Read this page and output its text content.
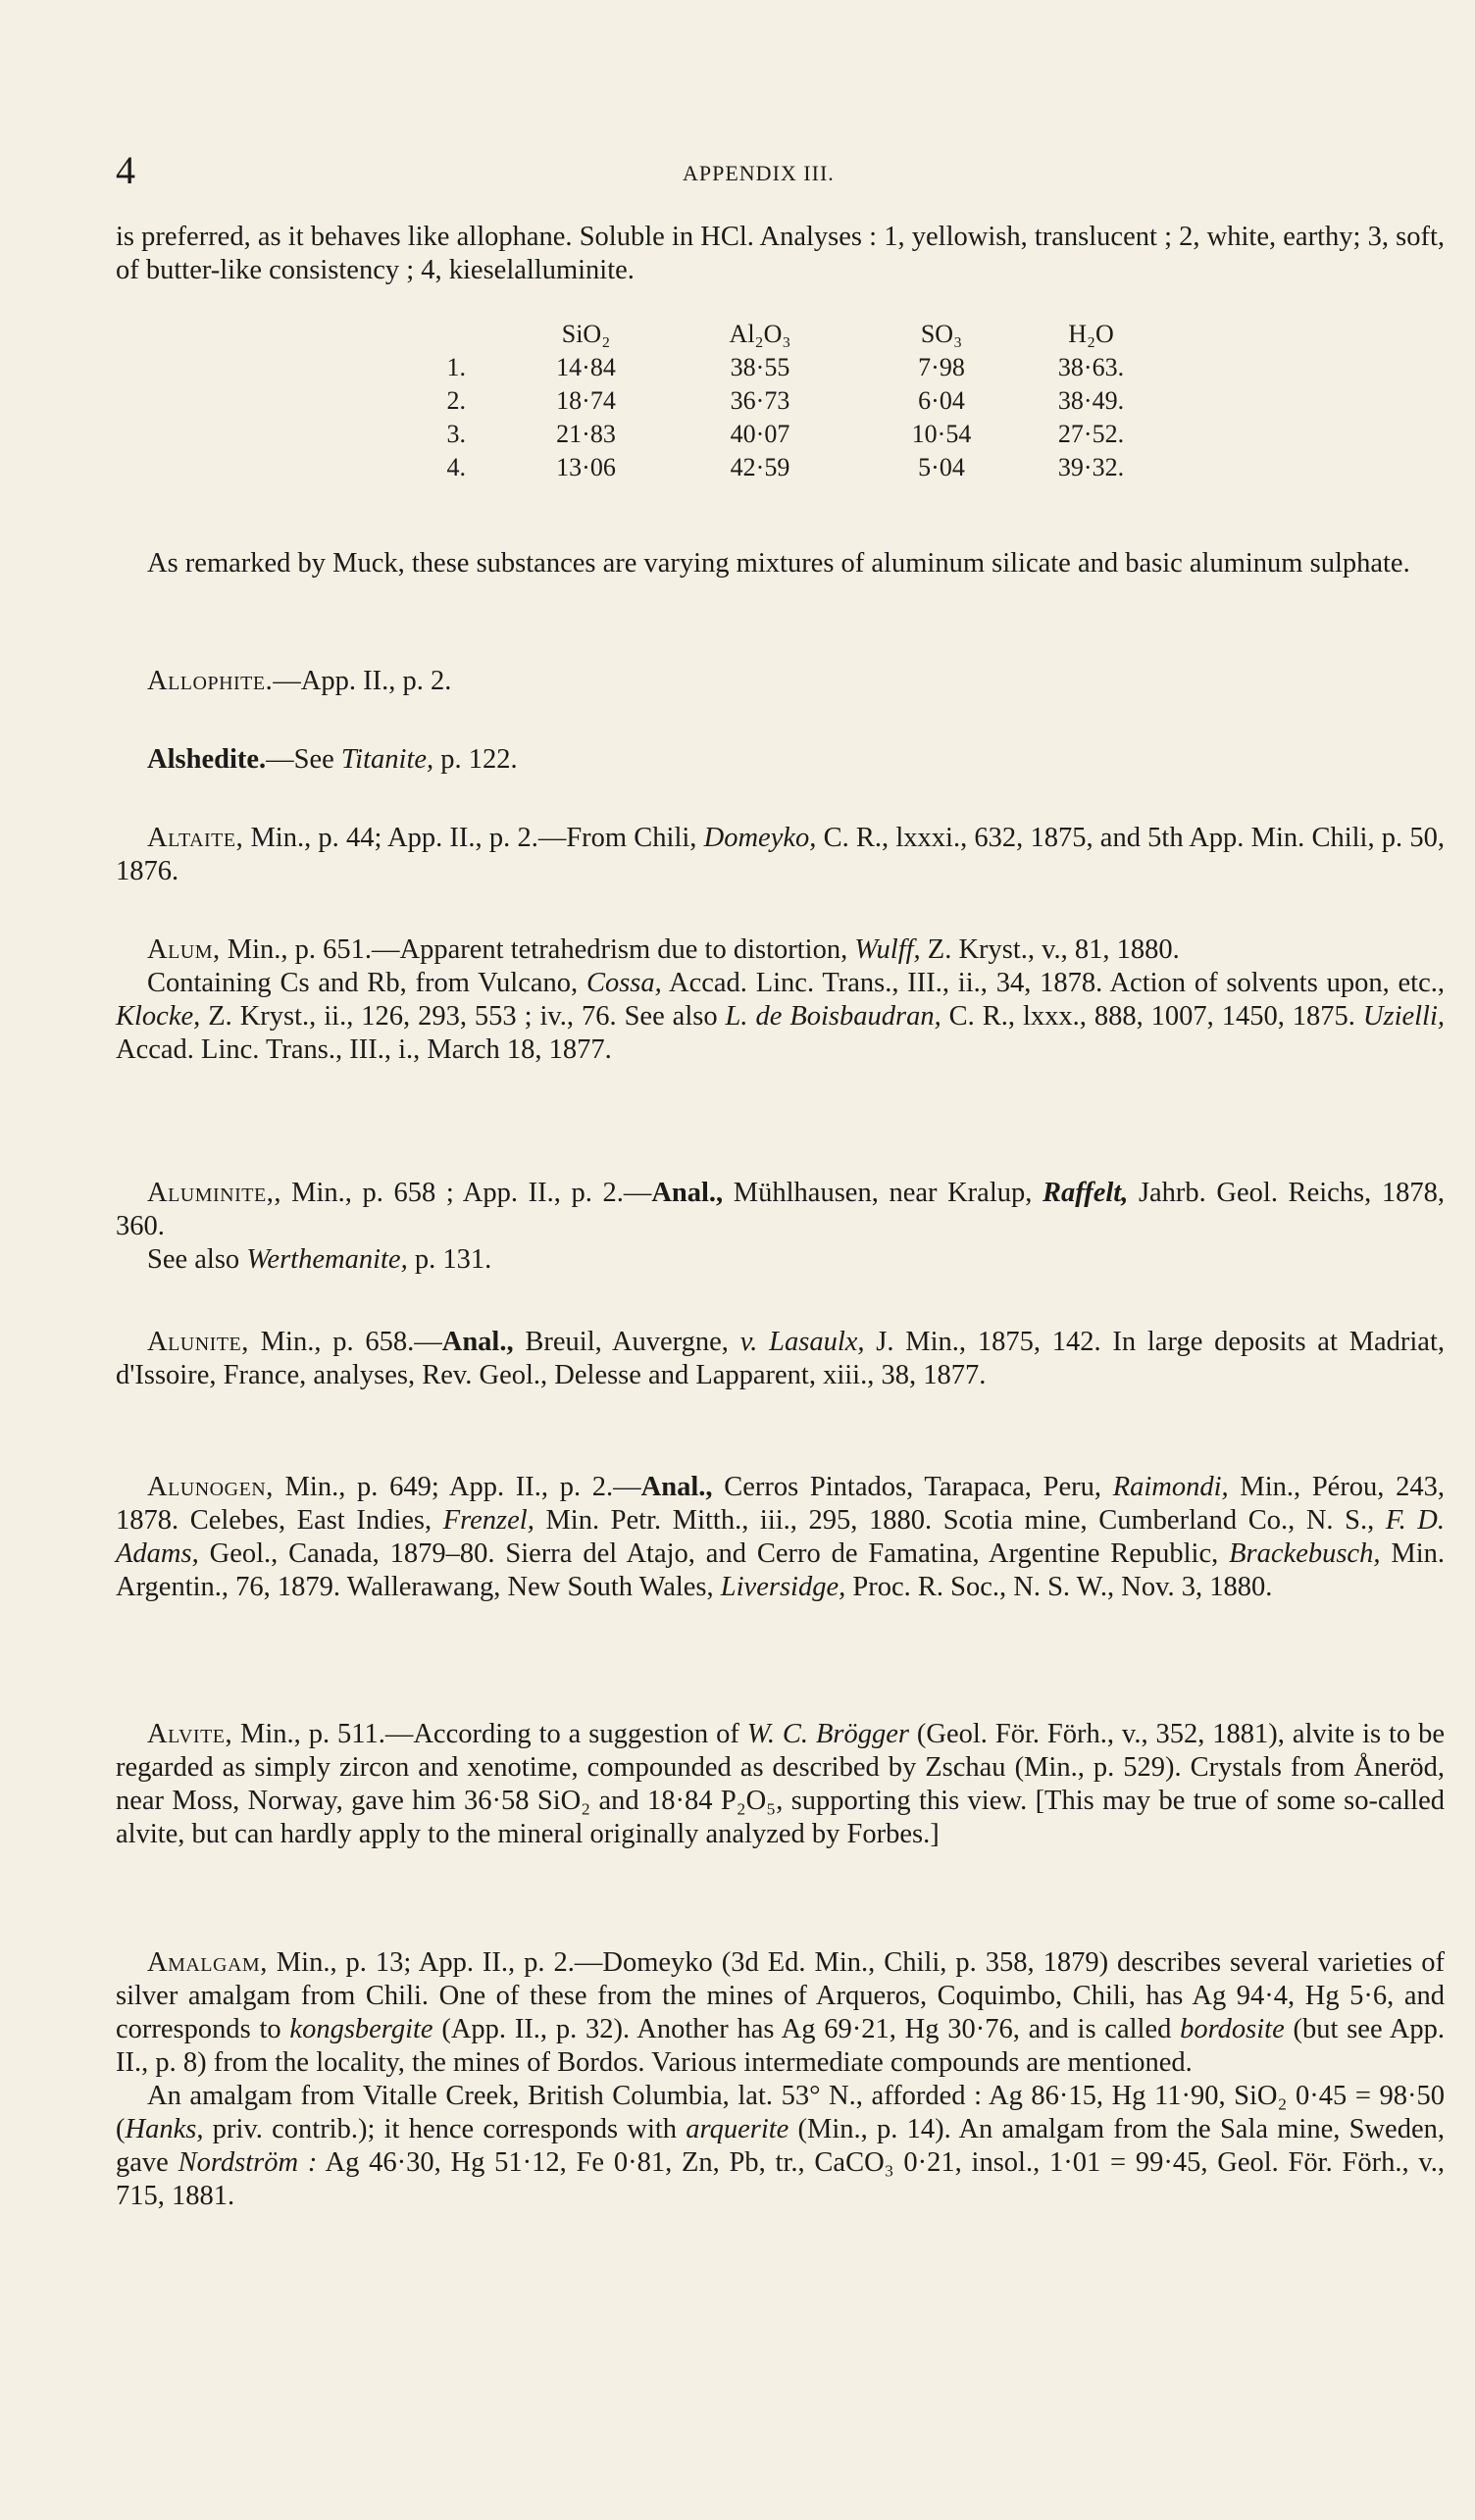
4	APPENDIX III.

is preferred, as it behaves like allophane. Soluble in HCl. Analyses : 1, yellowish, translucent ; 2, white, earthy; 3, soft, of butter-like consistency ; 4, kieselalluminite.

	SiO₂	Al₂O₃	SO₃	H₂O
1.	14·84	38·55	7·98	38·63.
2.	18·74	36·73	6·04	38·49.
3.	21·83	40·07	10·54	27·52.
4.	13·06	42·59	5·04	39·32.

As remarked by Muck, these substances are varying mixtures of aluminum silicate and basic aluminum sulphate.

Allophite.—App. II., p. 2.

Alshedite.—See Titanite, p. 122.

Altaite, Min., p. 44; App. II., p. 2.—From Chili, Domeyko, C. R., lxxxi., 632, 1875, and 5th App. Min. Chili, p. 50, 1876.

Alum, Min., p. 651.—Apparent tetrahedrism due to distortion, Wulff, Z. Kryst., v., 81, 1880.

Containing Cs and Rb, from Vulcano, Cossa, Accad. Linc. Trans., III., ii., 34, 1878. Action of solvents upon, etc., Klocke, Z. Kryst., ii., 126, 293, 553 ; iv., 76. See also L. de Boisbaudran, C. R., lxxx., 888, 1007, 1450, 1875. Uzielli, Accad. Linc. Trans., III., i., March 18, 1877.

Aluminite,, Min., p. 658 ; App. II., p. 2.—Anal., Mühlhausen, near Kralup, Raffelt, Jahrb. Geol. Reichs, 1878, 360.

See also Werthemanite, p. 131.

Alunite, Min., p. 658.—Anal., Breuil, Auvergne, v. Lasaulx, J. Min., 1875, 142. In large deposits at Madriat, d'Issoire, France, analyses, Rev. Geol., Delesse and Lapparent, xiii., 38, 1877.

Alunogen, Min., p. 649; App. II., p. 2.—Anal., Cerros Pintados, Tarapaca, Peru, Raimondi, Min., Pérou, 243, 1878. Celebes, East Indies, Frenzel, Min. Petr. Mitth., iii., 295, 1880. Scotia mine, Cumberland Co., N. S., F. D. Adams, Geol., Canada, 1879–80. Sierra del Atajo, and Cerro de Famatina, Argentine Republic, Brackebusch, Min. Argentin., 76, 1879. Wallerawang, New South Wales, Liversidge, Proc. R. Soc., N. S. W., Nov. 3, 1880.

Alvite, Min., p. 511.—According to a suggestion of W. C. Brögger (Geol. För. Förh., v., 352, 1881), alvite is to be regarded as simply zircon and xenotime, compounded as described by Zschau (Min., p. 529). Crystals from Åneröd, near Moss, Norway, gave him 36·58 SiO₂ and 18·84 P₂O₅, supporting this view. [This may be true of some so-called alvite, but can hardly apply to the mineral originally analyzed by Forbes.]

Amalgam, Min., p. 13; App. II., p. 2.—Domeyko (3d Ed. Min., Chili, p. 358, 1879) describes several varieties of silver amalgam from Chili. One of these from the mines of Arqueros, Coquimbo, Chili, has Ag 94·4, Hg 5·6, and corresponds to kongsbergite (App. II., p. 32). Another has Ag 69·21, Hg 30·76, and is called bordosite (but see App. II., p. 8) from the locality, the mines of Bordos. Various intermediate compounds are mentioned.

An amalgam from Vitalle Creek, British Columbia, lat. 53° N., afforded : Ag 86·15, Hg 11·90, SiO₂ 0·45 = 98·50 (Hanks, priv. contrib.); it hence corresponds with arquerite (Min., p. 14). An amalgam from the Sala mine, Sweden, gave Nordström : Ag 46·30, Hg 51·12, Fe 0·81, Zn, Pb, tr., CaCO₃ 0·21, insol., 1·01 = 99·45, Geol. För. Förh., v., 715, 1881.
